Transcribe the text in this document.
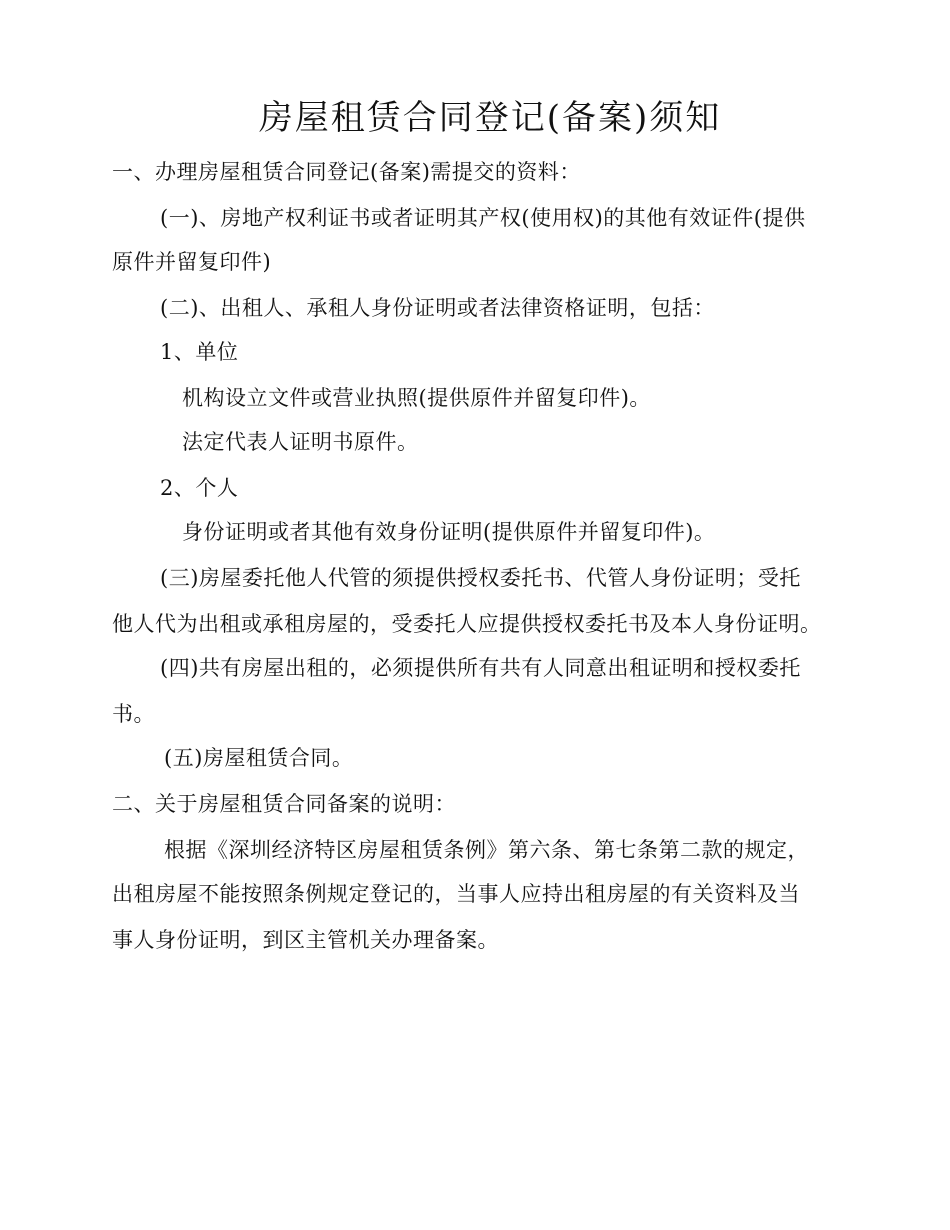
房屋租赁合同登记(备案)须知
一、办理房屋租赁合同登记(备案)需提交的资料：
(一)、房地产权利证书或者证明其产权(使用权)的其他有效证件(提供
原件并留复印件)
(二)、出租人、承租人身份证明或者法律资格证明，包括：
1、单位
机构设立文件或营业执照(提供原件并留复印件)。
法定代表人证明书原件。
2、个人
身份证明或者其他有效身份证明(提供原件并留复印件)。
(三)房屋委托他人代管的须提供授权委托书、代管人身份证明；受托
他人代为出租或承租房屋的，受委托人应提供授权委托书及本人身份证明。
(四)共有房屋出租的，必须提供所有共有人同意出租证明和授权委托
书。
(五)房屋租赁合同。
二、关于房屋租赁合同备案的说明：
根据《深圳经济特区房屋租赁条例》第六条、第七条第二款的规定，
出租房屋不能按照条例规定登记的，当事人应持出租房屋的有关资料及当
事人身份证明，到区主管机关办理备案。
